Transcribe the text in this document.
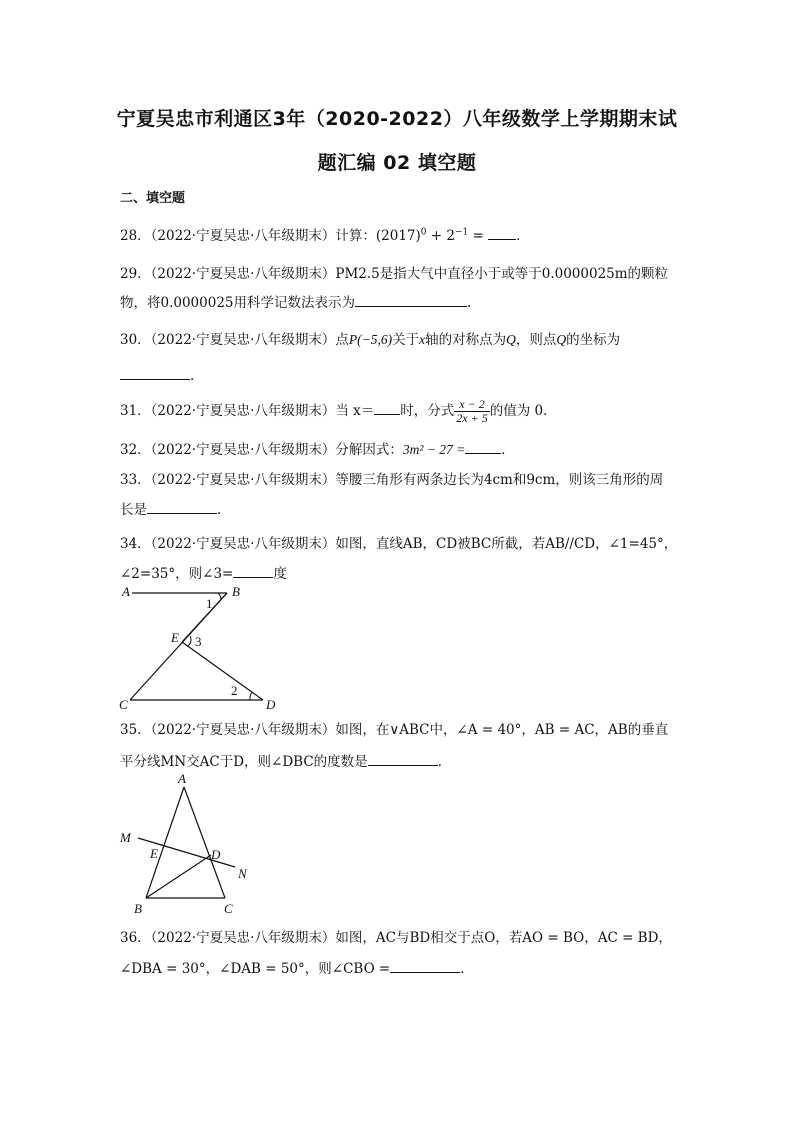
宁夏吴忠市利通区3年（2020-2022）八年级数学上学期期末试
题汇编 02 填空题
二、填空题
28．（2022·宁夏吴忠·八年级期末）计算：$(2017)^0 + 2^{-1}$ = ．
29．（2022·宁夏吴忠·八年级期末）PM2.5是指大气中直径小于或等于0.0000025m的颗粒
物，将0.0000025用科学记数法表示为	.
30．（2022·宁夏吴忠·八年级期末）点P(−5,6)关于x轴的对称点为Q，则点Q的坐标为
.
31．（2022·宁夏吴忠·八年级期末）当 x＝ 时，分式 $\frac{x - 2}{2x + 5}$ 的值为 0．
32．（2022·宁夏吴忠·八年级期末）分解因式：3m² − 27 =	．
33．（2022·宁夏吴忠·八年级期末）等腰三角形有两条边长为4cm和9cm，则该三角形的周
长是	.
34．（2022·宁夏吴忠·八年级期末）如图，直线AB，CD被BC所截，若AB//CD，∠1=45°，
∠2=35°，则∠3=	度
A	B
C	D
E
1
2
3
35．（2022·宁夏吴忠·八年级期末）如图，在∨ABC中，∠A = 40°，AB = AC，AB的垂直
平分线MN交AC于D，则∠DBC的度数是	．
A
B	C
D
E
M
N
36．（2022·宁夏吴忠·八年级期末）如图，AC与BD相交于点O，若AO = BO，AC = BD，
∠DBA = 30°，∠DAB = 50°，则∠CBO =	．
